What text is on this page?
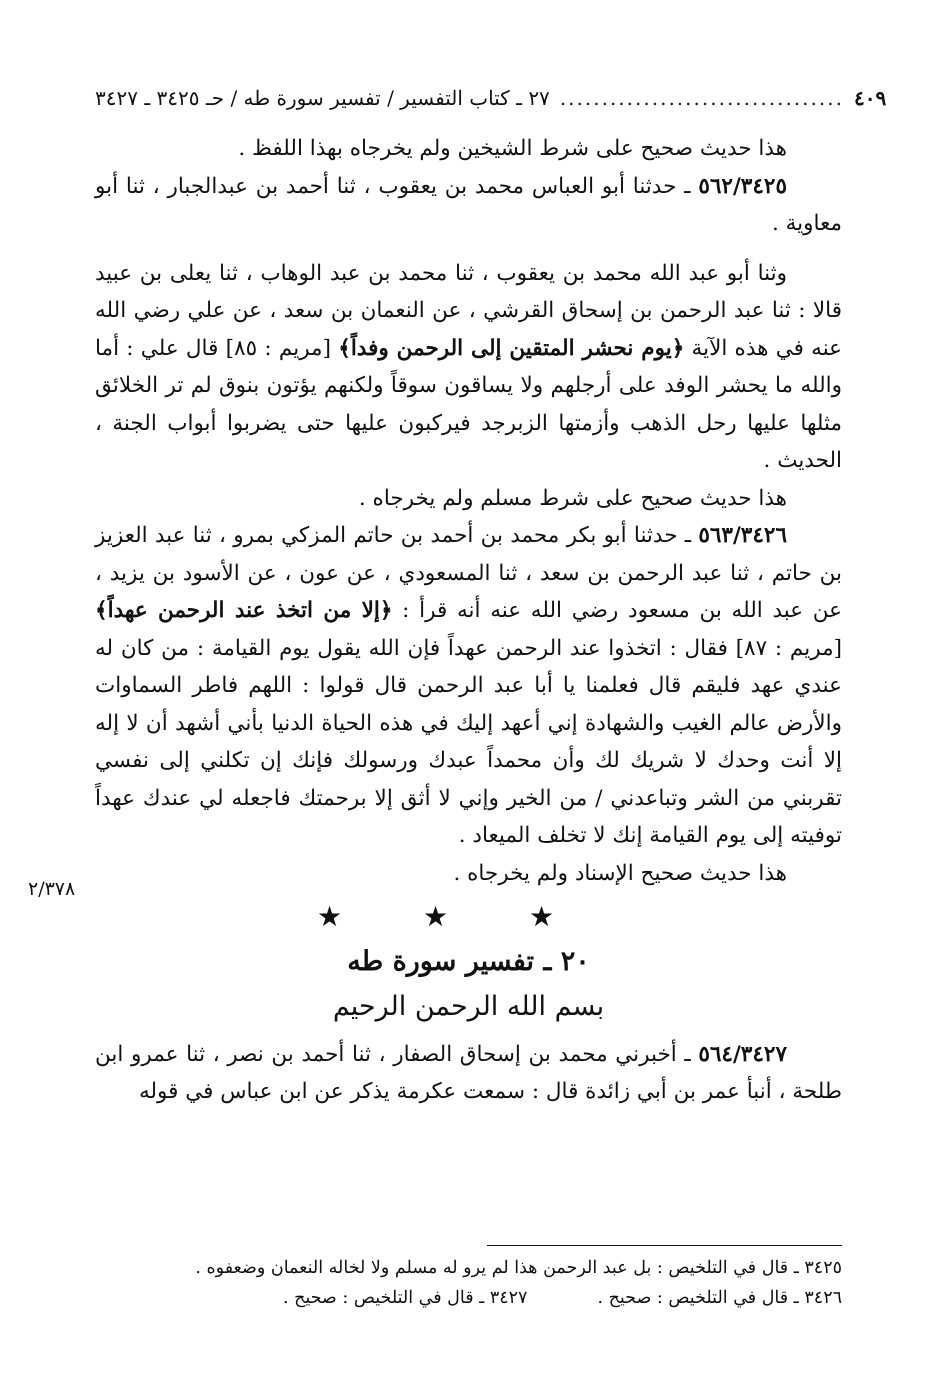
٢٧ ـ كتاب التفسير / تفسير سورة طه / حـ ٣٤٢٥ ـ ٣٤٢٧ .................................. ٤٠٩

هذا حديث صحيح على شرط الشيخين ولم يخرجاه بهذا اللفظ .

٥٦٢/٣٤٢٥ ـ حدثنا أبو العباس محمد بن يعقوب ، ثنا أحمد بن عبدالجبار ، ثنا أبو معاوية .

وثنا أبو عبد الله محمد بن يعقوب ، ثنا محمد بن عبد الوهاب ، ثنا يعلى بن عبيد قالا : ثنا عبد الرحمن بن إسحاق القرشي ، عن النعمان بن سعد ، عن علي رضي الله عنه في هذه الآية ﴿يوم نحشر المتقين إلى الرحمن وفداً﴾ [مريم : ٨٥] قال علي : أما والله ما يحشر الوفد على أرجلهم ولا يساقون سوقاً ولكنهم يؤتون بنوق لم تر الخلائق مثلها عليها رحل الذهب وأزمتها الزبرجد فيركبون عليها حتى يضربوا أبواب الجنة ، الحديث .

هذا حديث صحيح على شرط مسلم ولم يخرجاه .

٥٦٣/٣٤٢٦ ـ حدثنا أبو بكر محمد بن أحمد بن حاتم المزكي بمرو ، ثنا عبد العزيز بن حاتم ، ثنا عبد الرحمن بن سعد ، ثنا المسعودي ، عن عون ، عن الأسود بن يزيد ، عن عبد الله بن مسعود رضي الله عنه أنه قرأ : ﴿إلا من اتخذ عند الرحمن عهداً﴾ [مريم : ٨٧] فقال : اتخذوا عند الرحمن عهداً فإن الله يقول يوم القيامة : من كان له عندي عهد فليقم قال فعلمنا يا أبا عبد الرحمن قال قولوا : اللهم فاطر السماوات والأرض عالم الغيب والشهادة إني أعهد إليك في هذه الحياة الدنيا بأني أشهد أن لا إله إلا أنت وحدك لا شريك لك وأن محمداً عبدك ورسولك فإنك إن تكلني إلى نفسي تقربني من الشر وتباعدني / من الخير وإني لا أثق إلا برحمتك فاجعله لي عندك عهداً توفيته إلى يوم القيامة إنك لا تخلف الميعاد .

هذا حديث صحيح الإسناد ولم يخرجاه .

★ ★ ★

٢٠ ـ تفسير سورة طه

بسم الله الرحمن الرحيم

٥٦٤/٣٤٢٧ ـ أخبرني محمد بن إسحاق الصفار ، ثنا أحمد بن نصر ، ثنا عمرو ابن طلحة ، أنبأ عمر بن أبي زائدة قال : سمعت عكرمة يذكر عن ابن عباس في قوله

٢/٣٧٨
٣٤٢٥ ـ قال في التلخيص : بل عبد الرحمن هذا لم يرو له مسلم ولا لخاله النعمان وضعفوه .
٣٤٢٦ ـ قال في التلخيص : صحيح .
٣٤٢٧ ـ قال في التلخيص : صحيح .
